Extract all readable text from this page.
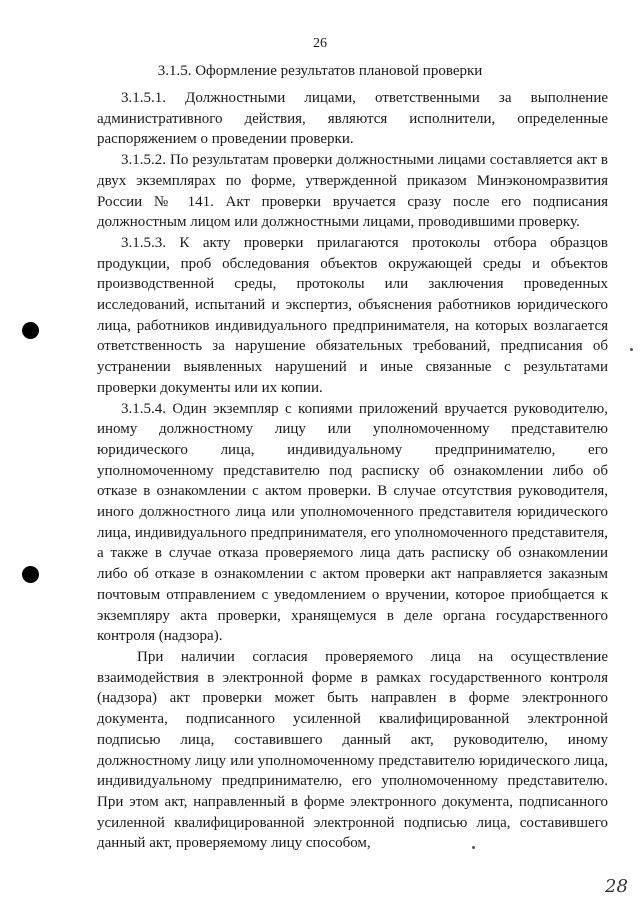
26
3.1.5. Оформление результатов плановой проверки

3.1.5.1. Должностными лицами, ответственными за выполнение административного действия, являются исполнители, определенные распоряжением о проведении проверки.

3.1.5.2. По результатам проверки должностными лицами составляется акт в двух экземплярах по форме, утвержденной приказом Минэкономразвития России № 141. Акт проверки вручается сразу после его подписания должностным лицом или должностными лицами, проводившими проверку.

3.1.5.3. К акту проверки прилагаются протоколы отбора образцов продукции, проб обследования объектов окружающей среды и объектов производственной среды, протоколы или заключения проведенных исследований, испытаний и экспертиз, объяснения работников юридического лица, работников индивидуального предпринимателя, на которых возлагается ответственность за нарушение обязательных требований, предписания об устранении выявленных нарушений и иные связанные с результатами проверки документы или их копии.

3.1.5.4. Один экземпляр с копиями приложений вручается руководителю, иному должностному лицу или уполномоченному представителю юридического лица, индивидуальному предпринимателю, его уполномоченному представителю под расписку об ознакомлении либо об отказе в ознакомлении с актом проверки. В случае отсутствия руководителя, иного должностного лица или уполномоченного представителя юридического лица, индивидуального предпринимателя, его уполномоченного представителя, а также в случае отказа проверяемого лица дать расписку об ознакомлении либо об отказе в ознакомлении с актом проверки акт направляется заказным почтовым отправлением с уведомлением о вручении, которое приобщается к экземпляру акта проверки, хранящемуся в деле органа государственного контроля (надзора).

При наличии согласия проверяемого лица на осуществление взаимодействия в электронной форме в рамках государственного контроля (надзора) акт проверки может быть направлен в форме электронного документа, подписанного усиленной квалифицированной электронной подписью лица, составившего данный акт, руководителю, иному должностному лицу или уполномоченному представителю юридического лица, индивидуальному предпринимателю, его уполномоченному представителю. При этом акт, направленный в форме электронного документа, подписанного усиленной квалифицированной электронной подписью лица, составившего данный акт, проверяемому лицу способом,

28
